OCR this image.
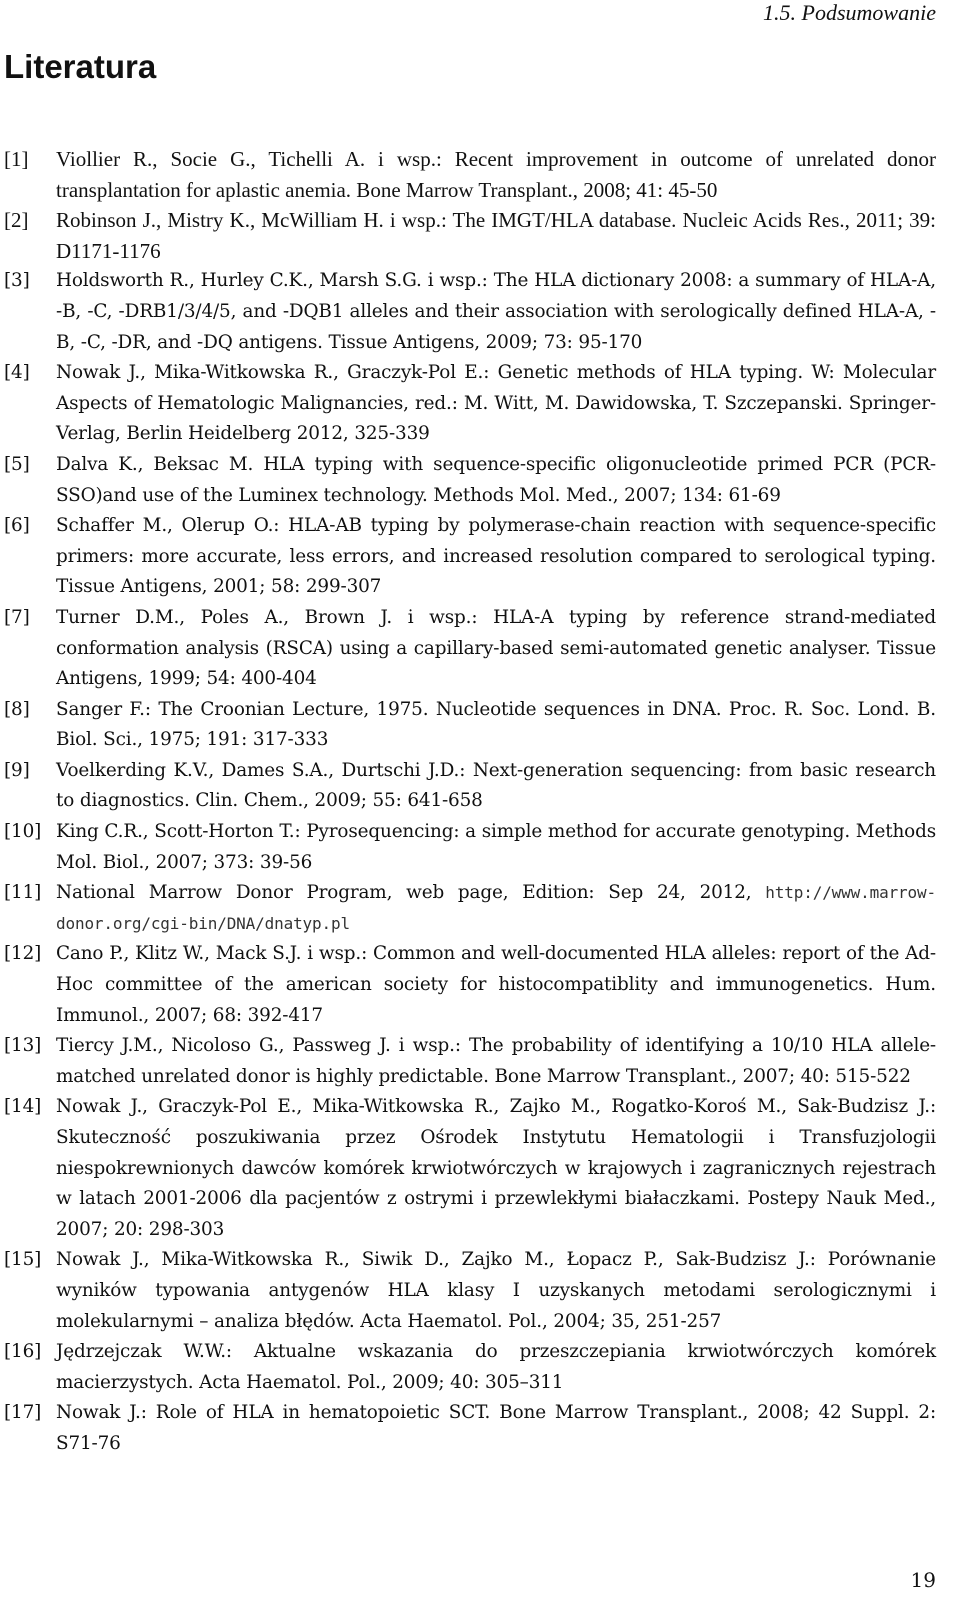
1.5. Podsumowanie
Literatura
[1]	Viollier R., Socie G., Tichelli A. i wsp.: Recent improvement in outcome of unrelated donor transplantation for aplastic anemia. Bone Marrow Transplant., 2008; 41: 45-50
[2]	Robinson J., Mistry K., McWilliam H. i wsp.: The IMGT/HLA database. Nucleic Acids Res., 2011; 39: D1171-1176
[3]	Holdsworth R., Hurley C.K., Marsh S.G. i wsp.: The HLA dictionary 2008: a summary of HLA-A, -B, -C, -DRB1/3/4/5, and -DQB1 alleles and their association with serologically defined HLA-A, -B, -C, -DR, and -DQ antigens. Tissue Antigens, 2009; 73: 95-170
[4]	Nowak J., Mika-Witkowska R., Graczyk-Pol E.: Genetic methods of HLA typing. W: Molecular Aspects of Hematologic Malignancies, red.: M. Witt, M. Dawidowska, T. Szczepanski. Springer-Verlag, Berlin Heidelberg 2012, 325-339
[5]	Dalva K., Beksac M. HLA typing with sequence-specific oligonucleotide primed PCR (PCR-SSO)and use of the Luminex technology. Methods Mol. Med., 2007; 134: 61-69
[6]	Schaffer M., Olerup O.: HLA-AB typing by polymerase-chain reaction with sequence-specific primers: more accurate, less errors, and increased resolution compared to serological typing. Tissue Antigens, 2001; 58: 299-307
[7]	Turner D.M., Poles A., Brown J. i wsp.: HLA-A typing by reference strand-mediated conformation analysis (RSCA) using a capillary-based semi-automated genetic analyser. Tissue Antigens, 1999; 54: 400-404
[8]	Sanger F.: The Croonian Lecture, 1975. Nucleotide sequences in DNA. Proc. R. Soc. Lond. B. Biol. Sci., 1975; 191: 317-333
[9]	Voelkerding K.V., Dames S.A., Durtschi J.D.: Next-generation sequencing: from basic research to diagnostics. Clin. Chem., 2009; 55: 641-658
[10] King C.R., Scott-Horton T.: Pyrosequencing: a simple method for accurate genotyping. Methods Mol. Biol., 2007; 373: 39-56
[11] National Marrow Donor Program, web page, Edition: Sep 24, 2012, http://www.marrow-donor.org/cgi-bin/DNA/dnatyp.pl
[12] Cano P., Klitz W., Mack S.J. i wsp.: Common and well-documented HLA alleles: report of the Ad-Hoc committee of the american society for histocompatiblity and immunogenetics. Hum. Immunol., 2007; 68: 392-417
[13] Tiercy J.M., Nicoloso G., Passweg J. i wsp.: The probability of identifying a 10/10 HLA allele-matched unrelated donor is highly predictable. Bone Marrow Transplant., 2007; 40: 515-522
[14] Nowak J., Graczyk-Pol E., Mika-Witkowska R., Zajko M., Rogatko-Koroś M., Sak-Budzisz J.: Skuteczność poszukiwania przez Ośrodek Instytutu Hematologii i Transfuzjologii niespokrewnionych dawców komórek krwiotwórczych w krajowych i zagranicznych rejestrach w latach 2001-2006 dla pacjentów z ostrymi i przewlekłymi białaczkami. Postepy Nauk Med., 2007; 20: 298-303
[15] Nowak J., Mika-Witkowska R., Siwik D., Zajko M., Łopacz P., Sak-Budzisz J.: Porównanie wyników typowania antygenów HLA klasy I uzyskanych metodami serologicznymi i molekularnymi – analiza błędów. Acta Haematol. Pol., 2004; 35, 251-257
[16] Jędrzejczak W.W.: Aktualne wskazania do przeszczepiania krwiotwórczych komórek macierzystych. Acta Haematol. Pol., 2009; 40: 305–311
[17] Nowak J.: Role of HLA in hematopoietic SCT. Bone Marrow Transplant., 2008; 42 Suppl. 2: S71-76
19
